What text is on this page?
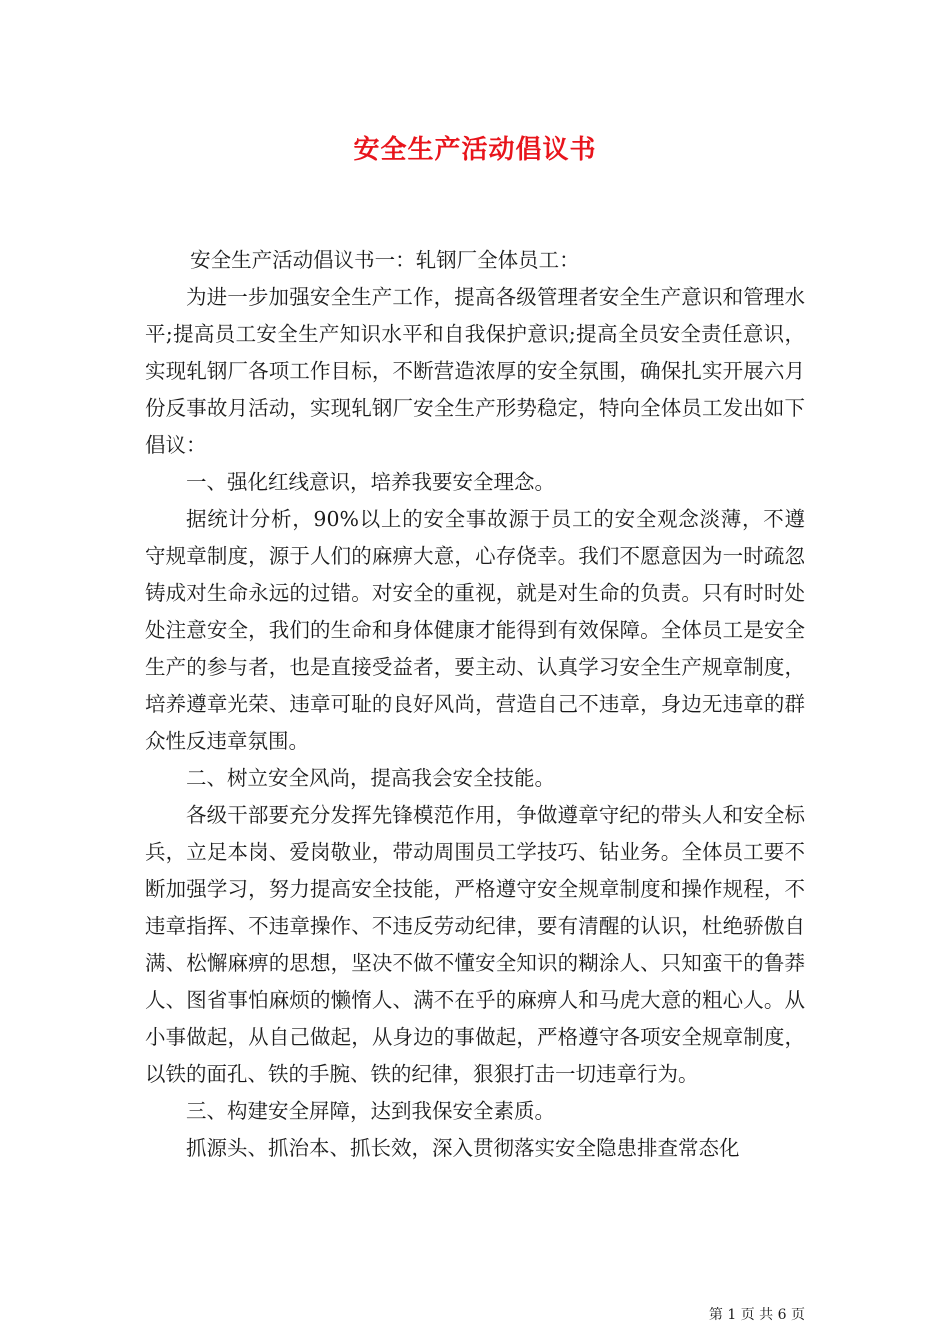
安全生产活动倡议书

安全生产活动倡议书一：轧钢厂全体员工：

为进一步加强安全生产工作，提高各级管理者安全生产意识和管理水平;提高员工安全生产知识水平和自我保护意识;提高全员安全责任意识，实现轧钢厂各项工作目标，不断营造浓厚的安全氛围，确保扎实开展六月份反事故月活动，实现轧钢厂安全生产形势稳定，特向全体员工发出如下倡议：

一、强化红线意识，培养我要安全理念。

据统计分析，90%以上的安全事故源于员工的安全观念淡薄，不遵守规章制度，源于人们的麻痹大意，心存侥幸。我们不愿意因为一时疏忽铸成对生命永远的过错。对安全的重视，就是对生命的负责。只有时时处处注意安全，我们的生命和身体健康才能得到有效保障。全体员工是安全生产的参与者，也是直接受益者，要主动、认真学习安全生产规章制度，培养遵章光荣、违章可耻的良好风尚，营造自己不违章，身边无违章的群众性反违章氛围。

二、树立安全风尚，提高我会安全技能。

各级干部要充分发挥先锋模范作用，争做遵章守纪的带头人和安全标兵，立足本岗、爱岗敬业，带动周围员工学技巧、钻业务。全体员工要不断加强学习，努力提高安全技能，严格遵守安全规章制度和操作规程，不违章指挥、不违章操作、不违反劳动纪律，要有清醒的认识，杜绝骄傲自满、松懈麻痹的思想，坚决不做不懂安全知识的糊涂人、只知蛮干的鲁莽人、图省事怕麻烦的懒惰人、满不在乎的麻痹人和马虎大意的粗心人。从小事做起，从自己做起，从身边的事做起，严格遵守各项安全规章制度，以铁的面孔、铁的手腕、铁的纪律，狠狠打击一切违章行为。

三、构建安全屏障，达到我保安全素质。

抓源头、抓治本、抓长效，深入贯彻落实安全隐患排查常态化

第 1 页 共 6 页
